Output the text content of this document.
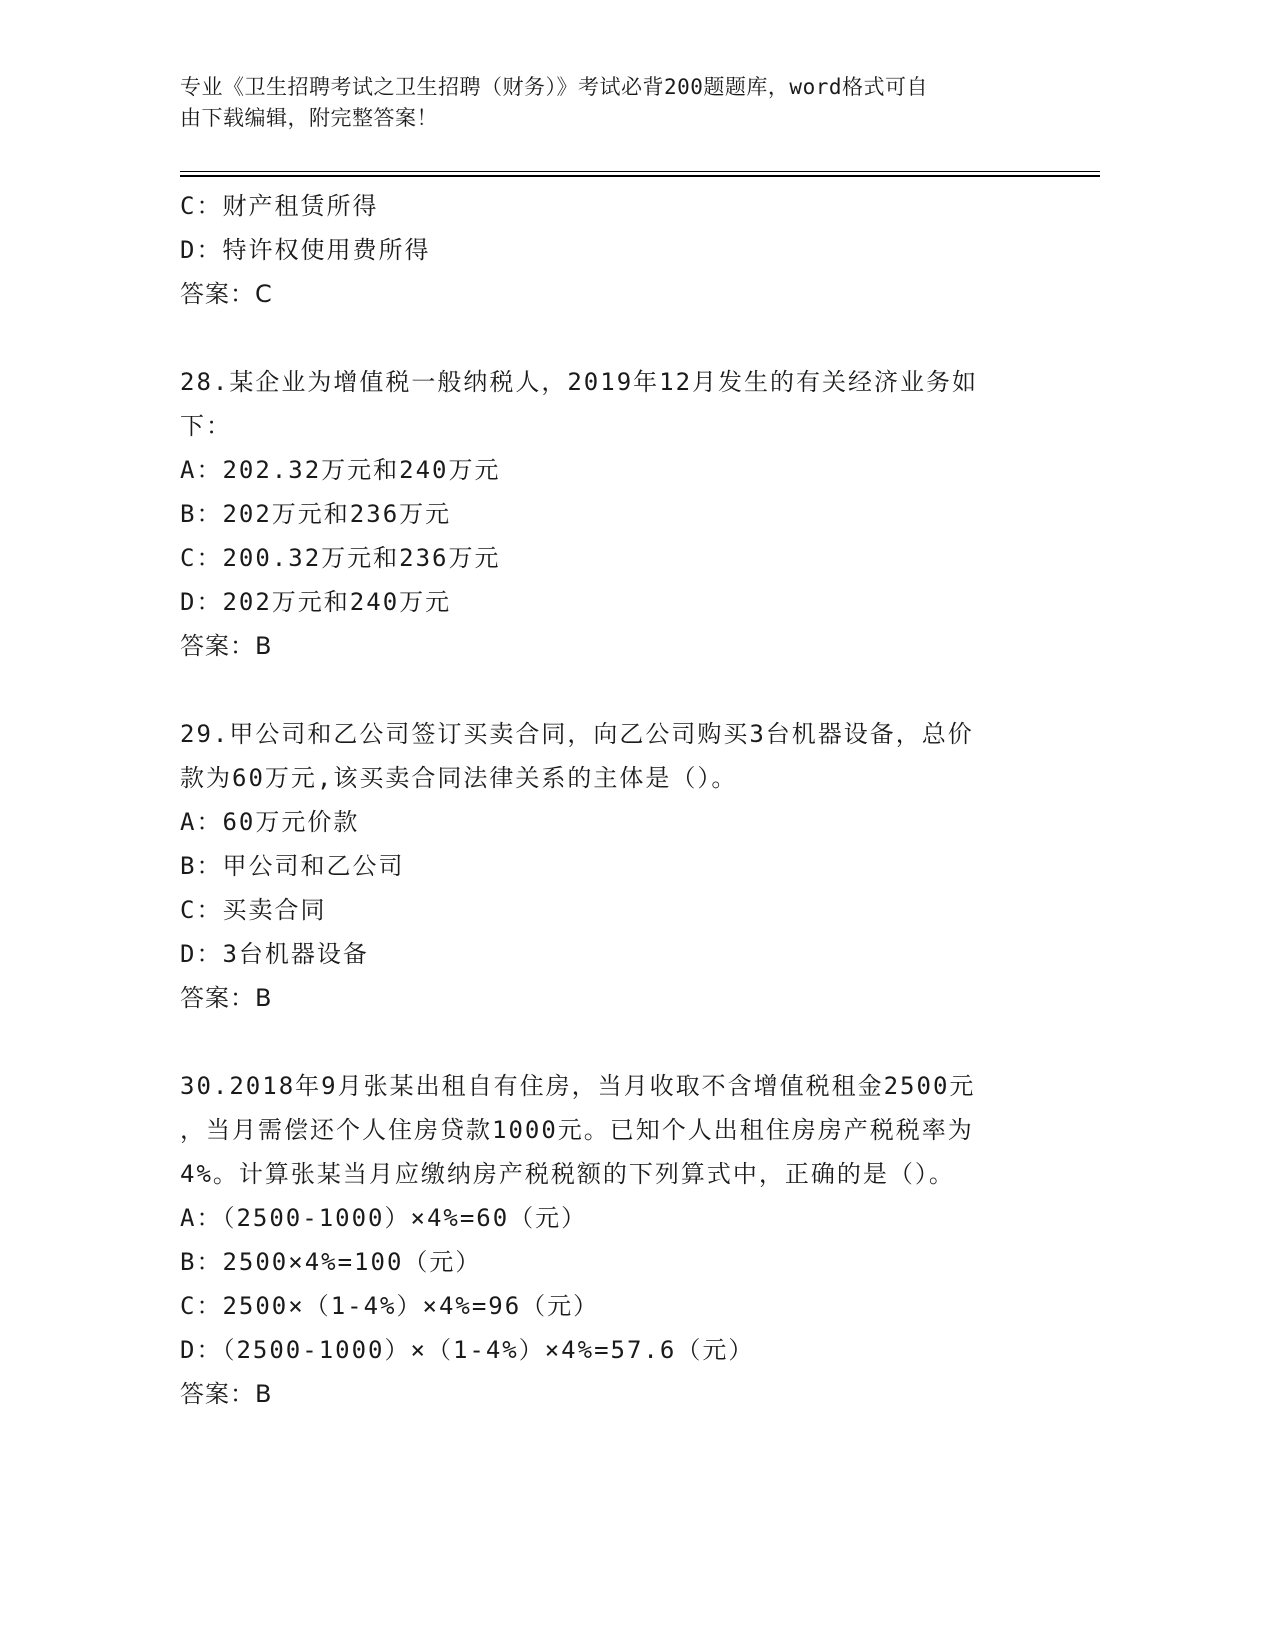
专业《卫生招聘考试之卫生招聘（财务）》考试必背200题题库，word格式可自
由下载编辑，附完整答案！
C：财产租赁所得
D：特许权使用费所得
答案：C
28.某企业为增值税一般纳税人，2019年12月发生的有关经济业务如
下：
A：202.32万元和240万元
B：202万元和236万元
C：200.32万元和236万元
D：202万元和240万元
答案：B
29.甲公司和乙公司签订买卖合同，向乙公司购买3台机器设备，总价
款为60万元,该买卖合同法律关系的主体是（）。
A：60万元价款
B：甲公司和乙公司
C：买卖合同
D：3台机器设备
答案：B
30.2018年9月张某出租自有住房，当月收取不含增值税租金2500元
，当月需偿还个人住房贷款1000元。已知个人出租住房房产税税率为
4%。计算张某当月应缴纳房产税税额的下列算式中，正确的是（）。
A：（2500-1000）×4%=60（元）
B：2500×4%=100（元）
C：2500×（1-4%）×4%=96（元）
D：（2500-1000）×（1-4%）×4%=57.6（元）
答案：B
